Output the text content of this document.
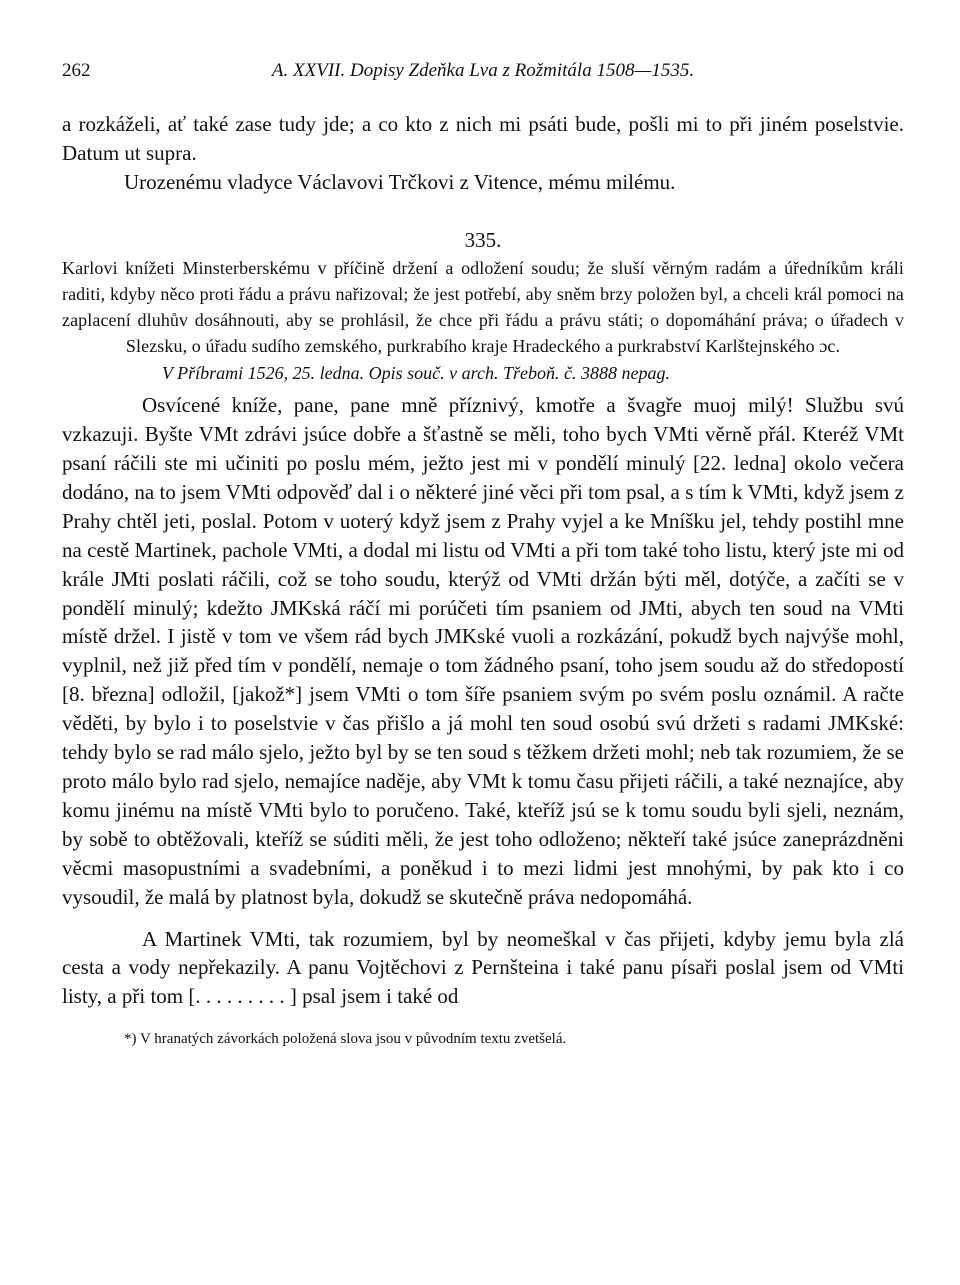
262	A. XXVII. Dopisy Zdeňka Lva z Rožmitála 1508—1535.

a rozkáželi, ať také zase tudy jde; a co kto z nich mi psáti bude, pošli mi to při jiném poselstvie. Datum ut supra.

Urozenému vladyce Václavovi Trčkovi z Vitence, mému milému.

335.

Karlovi knížeti Minsterberskému v příčině držení a odložení soudu; že sluší věrným radám a úředníkům králi raditi, kdyby něco proti řádu a právu nařizoval; že jest potřebí, aby sněm brzy položen byl, a chceli král pomoci na zaplacení dluhův dosáhnouti, aby se prohlásil, že chce při řádu a právu státi; o dopomáhání práva; o úřadech v Slezsku, o úřadu sudího zemského, purkrabího kraje Hradeckého a purkrabství Karlštejnského ɔc.

V Příbrami 1526, 25. ledna. Opis souč. v arch. Třeboň. č. 3888 nepag.

Osvícené kníže, pane, pane mně příznivý, kmotře a švagře muoj milý! Službu svú vzkazuji. Byšte VMt zdrávi jsúce dobře a šťastně se měli, toho bych VMti věrně přál. Kteréž VMt psaní ráčili ste mi učiniti po poslu mém, ježto jest mi v pondělí minulý [22. ledna] okolo večera dodáno, na to jsem VMti odpověď dal i o některé jiné věci při tom psal, a s tím k VMti, když jsem z Prahy chtěl jeti, poslal. Potom v uoterý když jsem z Prahy vyjel a ke Mníšku jel, tehdy postihl mne na cestě Martinek, pachole VMti, a dodal mi listu od VMti a při tom také toho listu, který jste mi od krále JMti poslati ráčili, což se toho soudu, kterýž od VMti držán býti měl, dotýče, a začíti se v pondělí minulý; kdežto JMKská ráčí mi porúčeti tím psaniem od JMti, abych ten soud na VMti místě držel. I jistě v tom ve všem rád bych JMKské vuoli a rozkázání, pokudž bych najvýše mohl, vyplnil, než již před tím v pondělí, nemaje o tom žádného psaní, toho jsem soudu až do středopostí [8. března] odložil, [jakož*] jsem VMti o tom šíře psaniem svým po svém poslu oznámil. A račte věděti, by bylo i to poselstvie v čas přišlo a já mohl ten soud osobú svú držeti s radami JMKské: tehdy bylo se rad málo sjelo, ježto byl by se ten soud s těžkem držeti mohl; neb tak rozumiem, že se proto málo bylo rad sjelo, nemajíce naděje, aby VMt k tomu času přijeti ráčili, a také neznajíce, aby komu jinému na místě VMti bylo to poručeno. Také, kteříž jsú se k tomu soudu byli sjeli, neznám, by sobě to obtěžovali, kteříž se súditi měli, že jest toho odloženo; někteří také jsúce zaneprázdněni věcmi masopustními a svadebními, a poněkud i to mezi lidmi jest mnohými, by pak kto i co vysoudil, že malá by platnost byla, dokudž se skutečně práva nedopomáhá.

A Martinek VMti, tak rozumiem, byl by neomeškal v čas přijeti, kdyby jemu byla zlá cesta a vody nepřekazily. A panu Vojtěchovi z Pernšteina i také panu písaři poslal jsem od VMti listy, a při tom [. . . . . . . . . ] psal jsem i také od

*) V hranatých závorkách položená slova jsou v původním textu zvetšelá.
